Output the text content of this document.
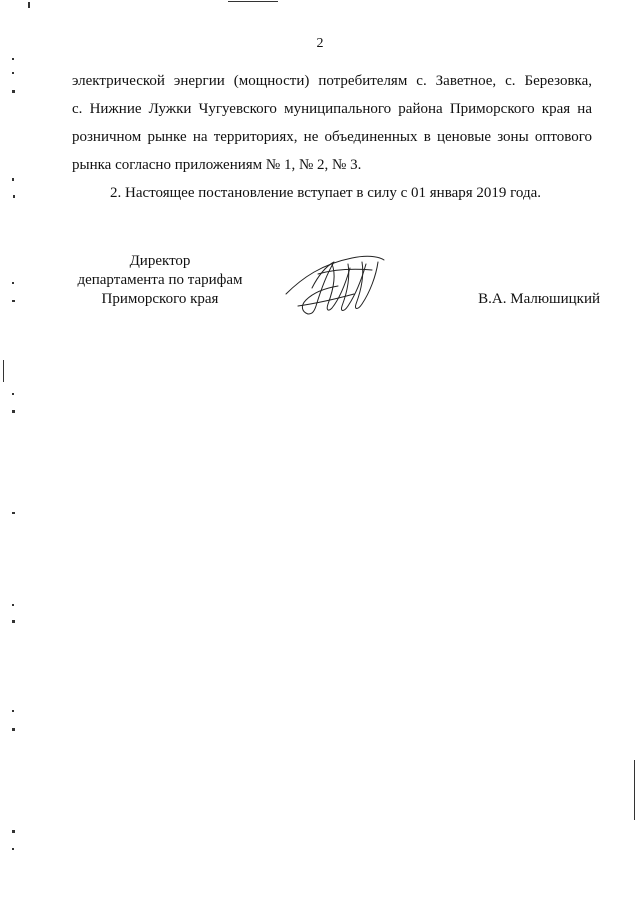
2

электрической энергии (мощности) потребителям с. Заветное, с. Березовка,
с. Нижние Лужки Чугуевского муниципального района Приморского края на
розничном рынке на территориях, не объединенных в ценовые зоны оптового
рынка согласно приложениям № 1, № 2, № 3.

2. Настоящее постановление вступает в силу с 01 января 2019 года.

Директор
департамента по тарифам
Приморского края	В.А. Малюшицкий
